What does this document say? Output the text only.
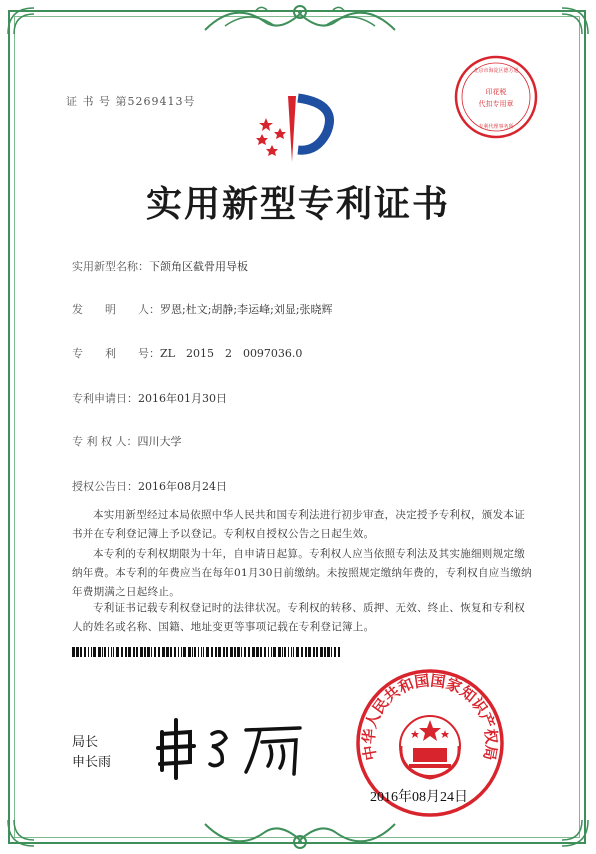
印花税
代扣专用章
北京市海淀区德方通
专利代理事务所
证 书 号 第5269413号
实用新型专利证书
实用新型名称：下颌角区截骨用导板
发　　明　　人：罗恩;杜文;胡静;李运峰;刘显;张晓辉
专　　利　　号：ZL　2015　2　0097036.0
专利申请日：2016年01月30日
专 利 权 人：四川大学
授权公告日：2016年08月24日
本实用新型经过本局依照中华人民共和国专利法进行初步审查，决定授予专利权，颁发本证书并在专利登记簿上予以登记。专利权自授权公告之日起生效。
本专利的专利权期限为十年，自申请日起算。专利权人应当依照专利法及其实施细则规定缴纳年费。本专利的年费应当在每年01月30日前缴纳。未按照规定缴纳年费的，专利权自应当缴纳年费期满之日起终止。
专利证书记载专利权登记时的法律状况。专利权的转移、质押、无效、终止、恢复和专利权人的姓名或名称、国籍、地址变更等事项记载在专利登记簿上。
局长
申长雨
中华人民共和国国家知识产权局
2016年08月24日
